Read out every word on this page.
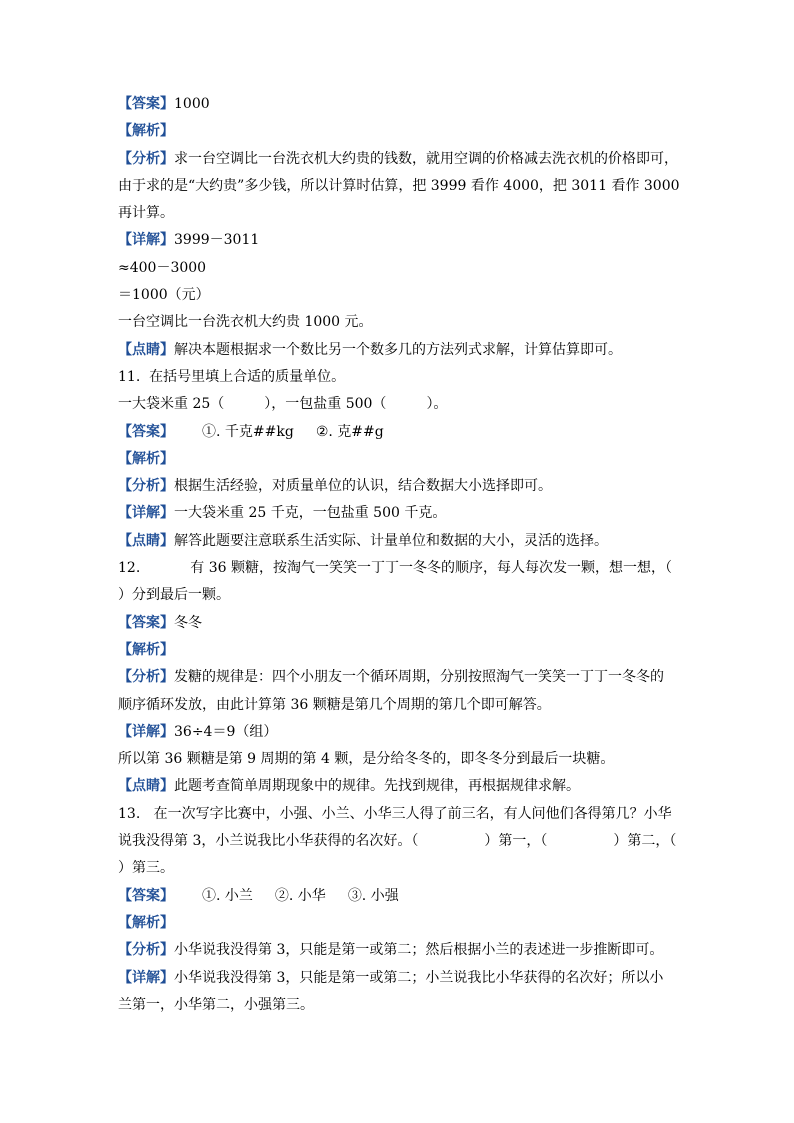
【答案】1000
【解析】
【分析】求一台空调比一台洗衣机大约贵的钱数，就用空调的价格减去洗衣机的价格即可，
由于求的是“大约贵”多少钱，所以计算时估算，把 3999 看作 4000，把 3011 看作 3000
再计算。
【详解】3999－3011
≈400－3000
＝1000（元）
一台空调比一台洗衣机大约贵 1000 元。
【点睛】解决本题根据求一个数比另一个数多几的方法列式求解，计算估算即可。
11.  在括号里填上合适的质量单位。
一大袋米重 25（	），一包盐重 500（	）。
【答案】 ①. 千克##kg ②. 克##g
【解析】
【分析】根据生活经验，对质量单位的认识，结合数据大小选择即可。
【详解】一大袋米重 25 千克，一包盐重 500 千克。
【点睛】解答此题要注意联系生活实际、计量单位和数据的大小，灵活的选择。
12.	有 36 颗糖，按淘气一笑笑一丁丁一冬冬的顺序，每人每次发一颗，想一想，（
）分到最后一颗。
【答案】冬冬
【解析】
【分析】发糖的规律是：四个小朋友一个循环周期，分别按照淘气一笑笑一丁丁一冬冬的
顺序循环发放，由此计算第 36 颗糖是第几个周期的第几个即可解答。
【详解】36÷4＝9（组）
所以第 36 颗糖是第 9 周期的第 4 颗，是分给冬冬的，即冬冬分到最后一块糖。
【点睛】此题考查简单周期现象中的规律。先找到规律，再根据规律求解。
13.   在一次写字比赛中，小强、小兰、小华三人得了前三名，有人问他们各得第几？小华
说我没得第 3，小兰说我比小华获得的名次好。（	）第一，（	）第二，（
）第三。
【答案】 ①. 小兰 ②. 小华 ③. 小强
【解析】
【分析】小华说我没得第 3，只能是第一或第二；然后根据小兰的表述进一步推断即可。
【详解】小华说我没得第 3，只能是第一或第二；小兰说我比小华获得的名次好；所以小
兰第一，小华第二，小强第三。
